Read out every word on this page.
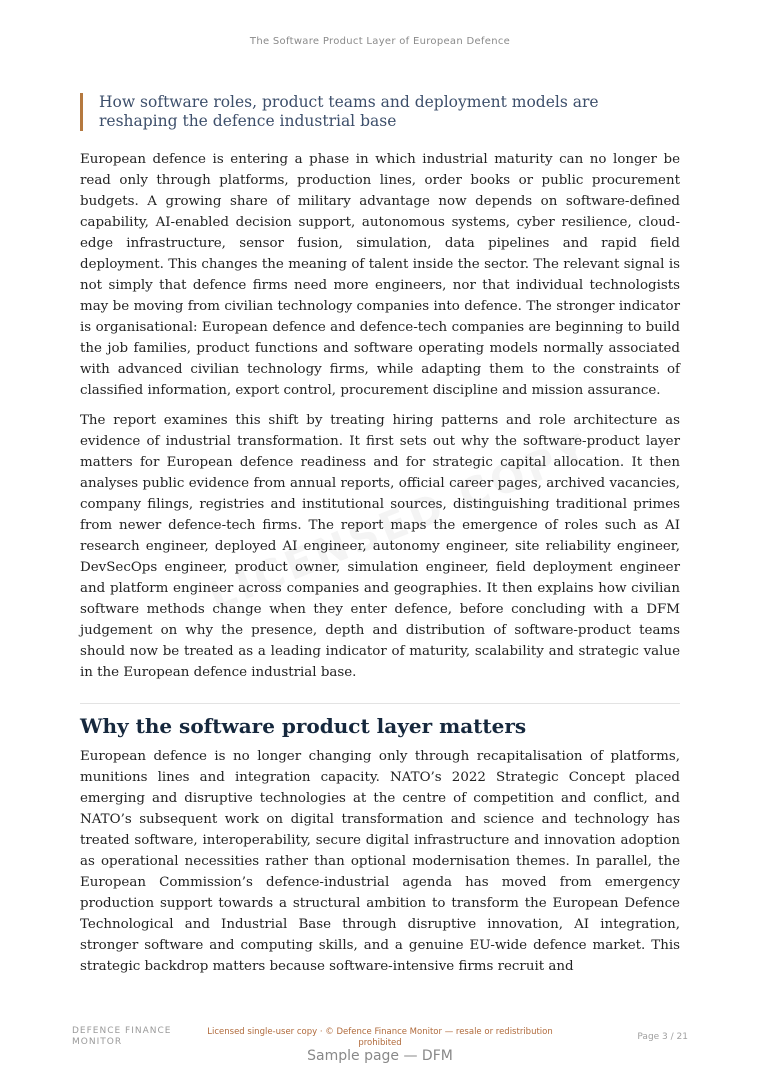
The Software Product Layer of European Defence
How software roles, product teams and deployment models are reshaping the defence industrial base

European defence is entering a phase in which industrial maturity can no longer be read only through platforms, production lines, order books or public procurement budgets. A growing share of military advantage now depends on software-defined capability, AI-enabled decision support, autonomous systems, cyber resilience, cloud-edge infrastructure, sensor fusion, simulation, data pipelines and rapid field deployment. This changes the meaning of talent inside the sector. The relevant signal is not simply that defence firms need more engineers, nor that individual technologists may be moving from civilian technology companies into defence. The stronger indicator is organisational: European defence and defence-tech companies are beginning to build the job families, product functions and software operating models normally associated with advanced civilian technology firms, while adapting them to the constraints of classified information, export control, procurement discipline and mission assurance.

The report examines this shift by treating hiring patterns and role architecture as evidence of industrial transformation. It first sets out why the software-product layer matters for European defence readiness and for strategic capital allocation. It then analyses public evidence from annual reports, official career pages, archived vacancies, company filings, registries and institutional sources, distinguishing traditional primes from newer defence-tech firms. The report maps the emergence of roles such as AI research engineer, deployed AI engineer, autonomy engineer, site reliability engineer, DevSecOps engineer, product owner, simulation engineer, field deployment engineer and platform engineer across companies and geographies. It then explains how civilian software methods change when they enter defence, before concluding with a DFM judgement on why the presence, depth and distribution of software-product teams should now be treated as a leading indicator of maturity, scalability and strategic value in the European defence industrial base.

Why the software product layer matters

European defence is no longer changing only through recapitalisation of platforms, munitions lines and integration capacity. NATO’s 2022 Strategic Concept placed emerging and disruptive technologies at the centre of competition and conflict, and NATO’s subsequent work on digital transformation and science and technology has treated software, interoperability, secure digital infrastructure and innovation adoption as operational necessities rather than optional modernisation themes. In parallel, the European Commission’s defence-industrial agenda has moved from emergency production support towards a structural ambition to transform the European Defence Technological and Industrial Base through disruptive innovation, AI integration, stronger software and computing skills, and a genuine EU-wide defence market. This strategic backdrop matters because software-intensive firms recruit and

DEFENCE FINANCE MONITOR
Licensed single-user copy · © Defence Finance Monitor — resale or redistribution prohibited
Page 3 / 21
Sample page — DFM
